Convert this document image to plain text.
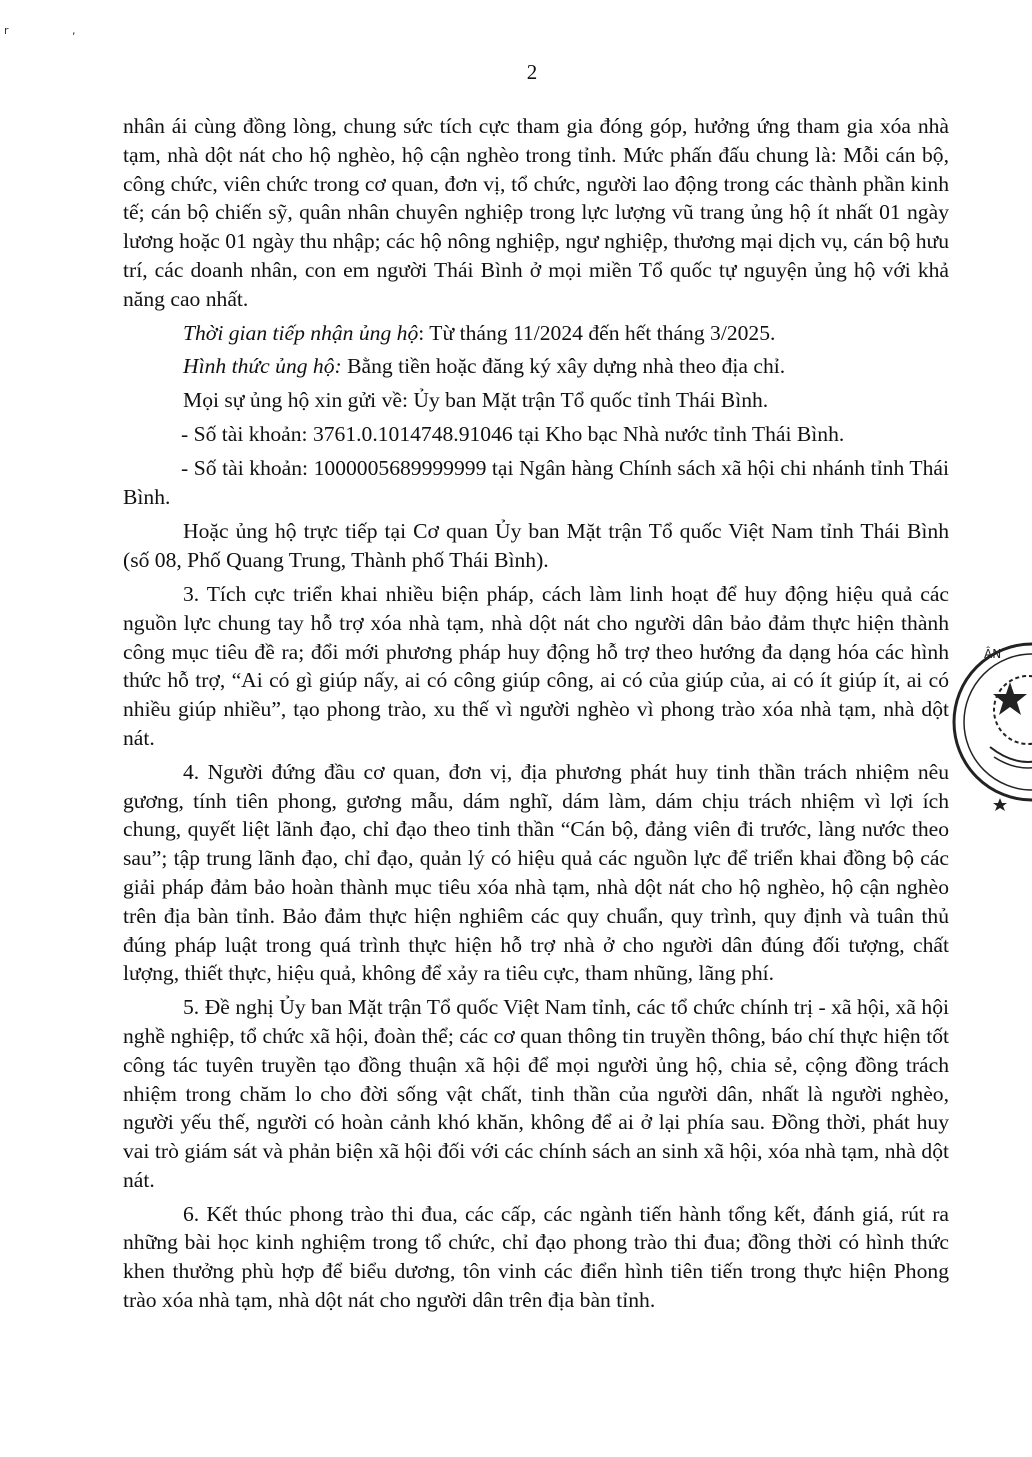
r ,
2

nhân ái cùng đồng lòng, chung sức tích cực tham gia đóng góp, hưởng ứng tham gia xóa nhà tạm, nhà dột nát cho hộ nghèo, hộ cận nghèo trong tỉnh. Mức phấn đấu chung là: Mỗi cán bộ, công chức, viên chức trong cơ quan, đơn vị, tổ chức, người lao động trong các thành phần kinh tế; cán bộ chiến sỹ, quân nhân chuyên nghiệp trong lực lượng vũ trang ủng hộ ít nhất 01 ngày lương hoặc 01 ngày thu nhập; các hộ nông nghiệp, ngư nghiệp, thương mại dịch vụ, cán bộ hưu trí, các doanh nhân, con em người Thái Bình ở mọi miền Tổ quốc tự nguyện ủng hộ với khả năng cao nhất.

Thời gian tiếp nhận ủng hộ: Từ tháng 11/2024 đến hết tháng 3/2025.

Hình thức ủng hộ: Bằng tiền hoặc đăng ký xây dựng nhà theo địa chỉ.

Mọi sự ủng hộ xin gửi về: Ủy ban Mặt trận Tổ quốc tỉnh Thái Bình.

- Số tài khoản: 3761.0.1014748.91046 tại Kho bạc Nhà nước tỉnh Thái Bình.

- Số tài khoản: 1000005689999999 tại Ngân hàng Chính sách xã hội chi nhánh tỉnh Thái Bình.

Hoặc ủng hộ trực tiếp tại Cơ quan Ủy ban Mặt trận Tổ quốc Việt Nam tỉnh Thái Bình (số 08, Phố Quang Trung, Thành phố Thái Bình).

3. Tích cực triển khai nhiều biện pháp, cách làm linh hoạt để huy động hiệu quả các nguồn lực chung tay hỗ trợ xóa nhà tạm, nhà dột nát cho người dân bảo đảm thực hiện thành công mục tiêu đề ra; đổi mới phương pháp huy động hỗ trợ theo hướng đa dạng hóa các hình thức hỗ trợ, “Ai có gì giúp nấy, ai có công giúp công, ai có của giúp của, ai có ít giúp ít, ai có nhiều giúp nhiều”, tạo phong trào, xu thế vì người nghèo vì phong trào xóa nhà tạm, nhà dột nát.

4. Người đứng đầu cơ quan, đơn vị, địa phương phát huy tinh thần trách nhiệm nêu gương, tính tiên phong, gương mẫu, dám nghĩ, dám làm, dám chịu trách nhiệm vì lợi ích chung, quyết liệt lãnh đạo, chỉ đạo theo tinh thần “Cán bộ, đảng viên đi trước, làng nước theo sau”; tập trung lãnh đạo, chỉ đạo, quản lý có hiệu quả các nguồn lực để triển khai đồng bộ các giải pháp đảm bảo hoàn thành mục tiêu xóa nhà tạm, nhà dột nát cho hộ nghèo, hộ cận nghèo trên địa bàn tỉnh. Bảo đảm thực hiện nghiêm các quy chuẩn, quy trình, quy định và tuân thủ đúng pháp luật trong quá trình thực hiện hỗ trợ nhà ở cho người dân đúng đối tượng, chất lượng, thiết thực, hiệu quả, không để xảy ra tiêu cực, tham nhũng, lãng phí.

5. Đề nghị Ủy ban Mặt trận Tổ quốc Việt Nam tỉnh, các tổ chức chính trị - xã hội, xã hội nghề nghiệp, tổ chức xã hội, đoàn thể; các cơ quan thông tin truyền thông, báo chí thực hiện tốt công tác tuyên truyền tạo đồng thuận xã hội để mọi người ủng hộ, chia sẻ, cộng đồng trách nhiệm trong chăm lo cho đời sống vật chất, tinh thần của người dân, nhất là người nghèo, người yếu thế, người có hoàn cảnh khó khăn, không để ai ở lại phía sau. Đồng thời, phát huy vai trò giám sát và phản biện xã hội đối với các chính sách an sinh xã hội, xóa nhà tạm, nhà dột nát.

6. Kết thúc phong trào thi đua, các cấp, các ngành tiến hành tổng kết, đánh giá, rút ra những bài học kinh nghiệm trong tổ chức, chỉ đạo phong trào thi đua; đồng thời có hình thức khen thưởng phù hợp để biểu dương, tôn vinh các điển hình tiên tiến trong thực hiện Phong trào xóa nhà tạm, nhà dột nát cho người dân trên địa bàn tỉnh.

ÂN
